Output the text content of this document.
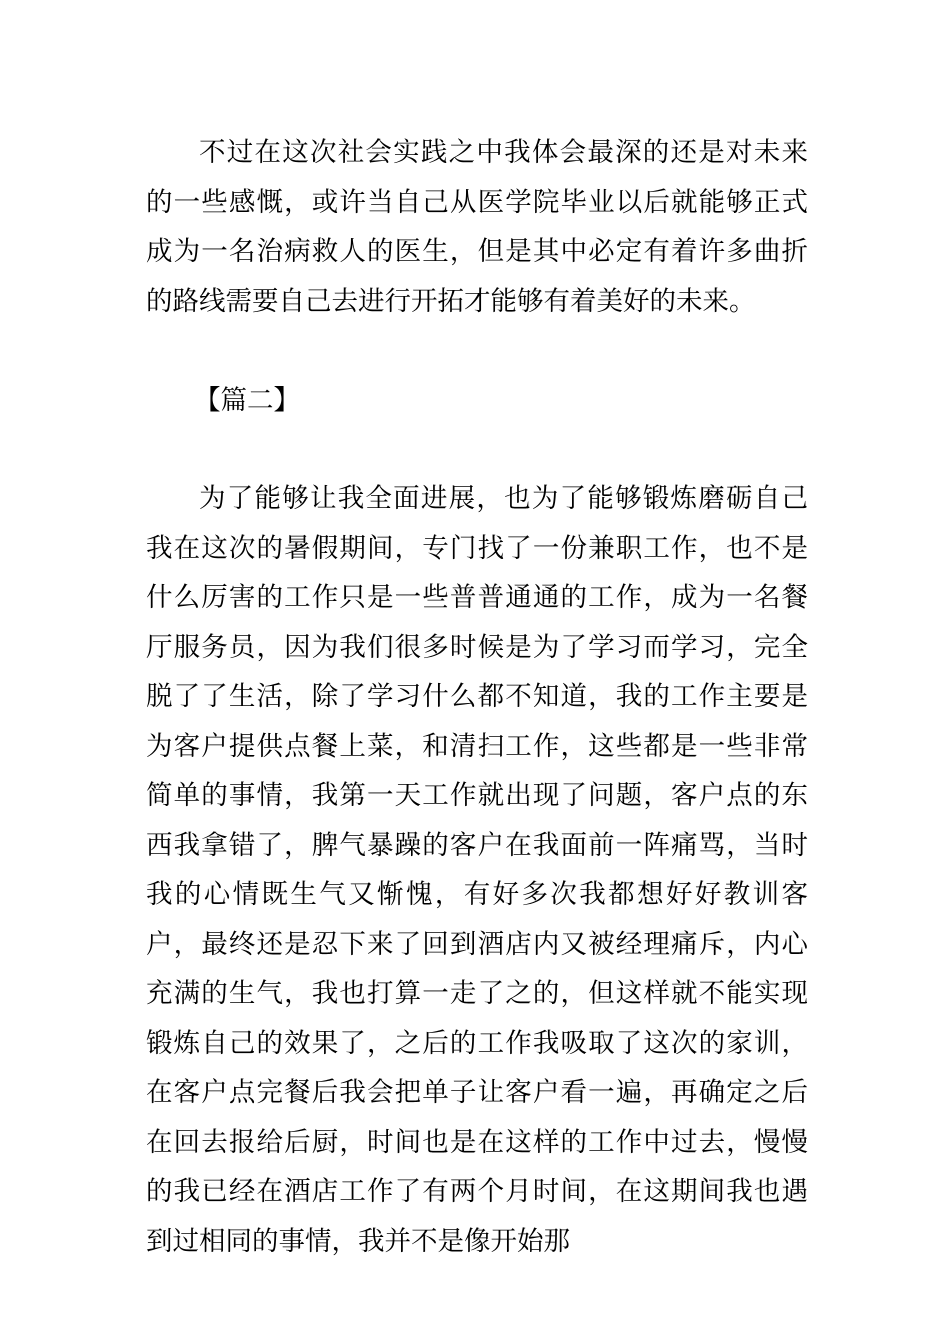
不过在这次社会实践之中我体会最深的还是对未来的一些感慨，或许当自己从医学院毕业以后就能够正式成为一名治病救人的医生，但是其中必定有着许多曲折的路线需要自己去进行开拓才能够有着美好的未来。

【篇二】

为了能够让我全面进展，也为了能够锻炼磨砺自己我在这次的暑假期间，专门找了一份兼职工作，也不是什么厉害的工作只是一些普普通通的工作，成为一名餐厅服务员，因为我们很多时候是为了学习而学习，完全脱了了生活，除了学习什么都不知道，我的工作主要是为客户提供点餐上菜，和清扫工作，这些都是一些非常简单的事情，我第一天工作就出现了问题，客户点的东西我拿错了，脾气暴躁的客户在我面前一阵痛骂，当时我的心情既生气又惭愧，有好多次我都想好好教训客户，最终还是忍下来了回到酒店内又被经理痛斥，内心充满的生气，我也打算一走了之的，但这样就不能实现锻炼自己的效果了，之后的工作我吸取了这次的家训，在客户点完餐后我会把单子让客户看一遍，再确定之后在回去报给后厨，时间也是在这样的工作中过去，慢慢的我已经在酒店工作了有两个月时间，在这期间我也遇到过相同的事情，我并不是像开始那
